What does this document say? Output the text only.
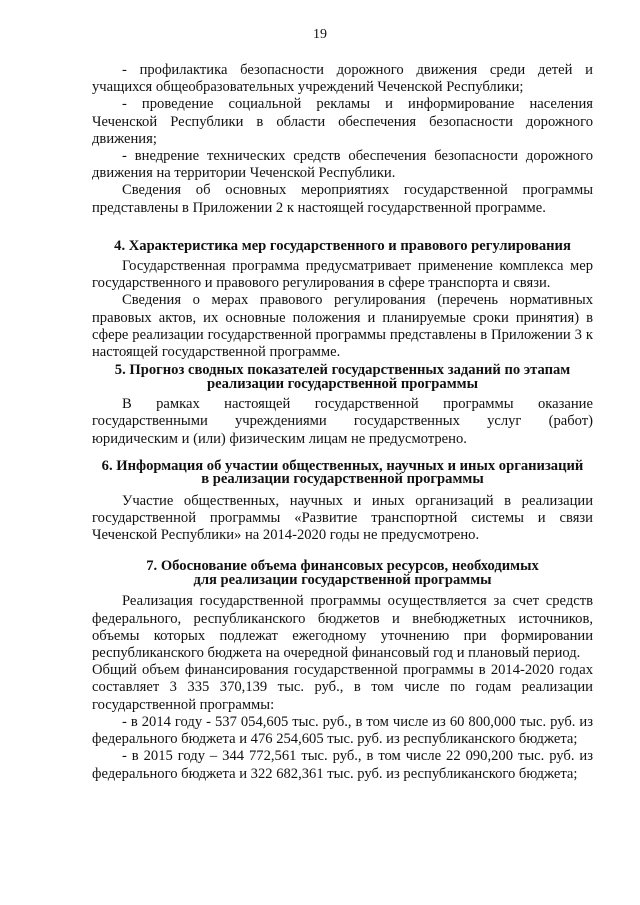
19

- профилактика безопасности дорожного движения среди детей и учащихся общеобразовательных учреждений Чеченской Республики;

- проведение социальной рекламы и информирование населения Чеченской Республики в области обеспечения безопасности дорожного движения;

- внедрение технических средств обеспечения безопасности дорожного движения на территории Чеченской Республики.

Сведения об основных мероприятиях государственной программы представлены в Приложении 2 к настоящей государственной программе.

4. Характеристика мер государственного и правового регулирования

Государственная программа предусматривает применение комплекса мер государственного и правового регулирования в сфере транспорта и связи.

Сведения о мерах правового регулирования (перечень нормативных правовых актов, их основные положения и планируемые сроки принятия) в сфере реализации государственной программы представлены в Приложении 3 к настоящей государственной программе.

5. Прогноз сводных показателей государственных заданий по этапам
реализации государственной программы
В рамках настоящей государственной программы оказание
государственными учреждениями государственных услуг (работ)
юридическим и (или) физическим лицам не предусмотрено.
6. Информация об участии общественных, научных и иных организаций
в реализации государственной программы

Участие общественных, научных и иных организаций в реализации государственной программы «Развитие транспортной системы и связи Чеченской Республики» на 2014-2020 годы не предусмотрено.

7. Обоснование объема финансовых ресурсов, необходимых
для реализации государственной программы

Реализация государственной программы осуществляется за счет средств федерального, республиканского бюджетов и внебюджетных источников, объемы которых подлежат ежегодному уточнению при формировании республиканского бюджета на очередной финансовый год и плановый период.

Общий объем финансирования государственной программы в 2014-2020 годах составляет 3 335 370,139 тыс. руб., в том числе по годам реализации государственной программы:

- в 2014 году - 537 054,605 тыс. руб., в том числе из 60 800,000 тыс. руб. из федерального бюджета и 476 254,605 тыс. руб. из республиканского бюджета;

- в 2015 году – 344 772,561 тыс. руб., в том числе 22 090,200 тыс. руб. из федерального бюджета и 322 682,361 тыс. руб. из республиканского бюджета;
